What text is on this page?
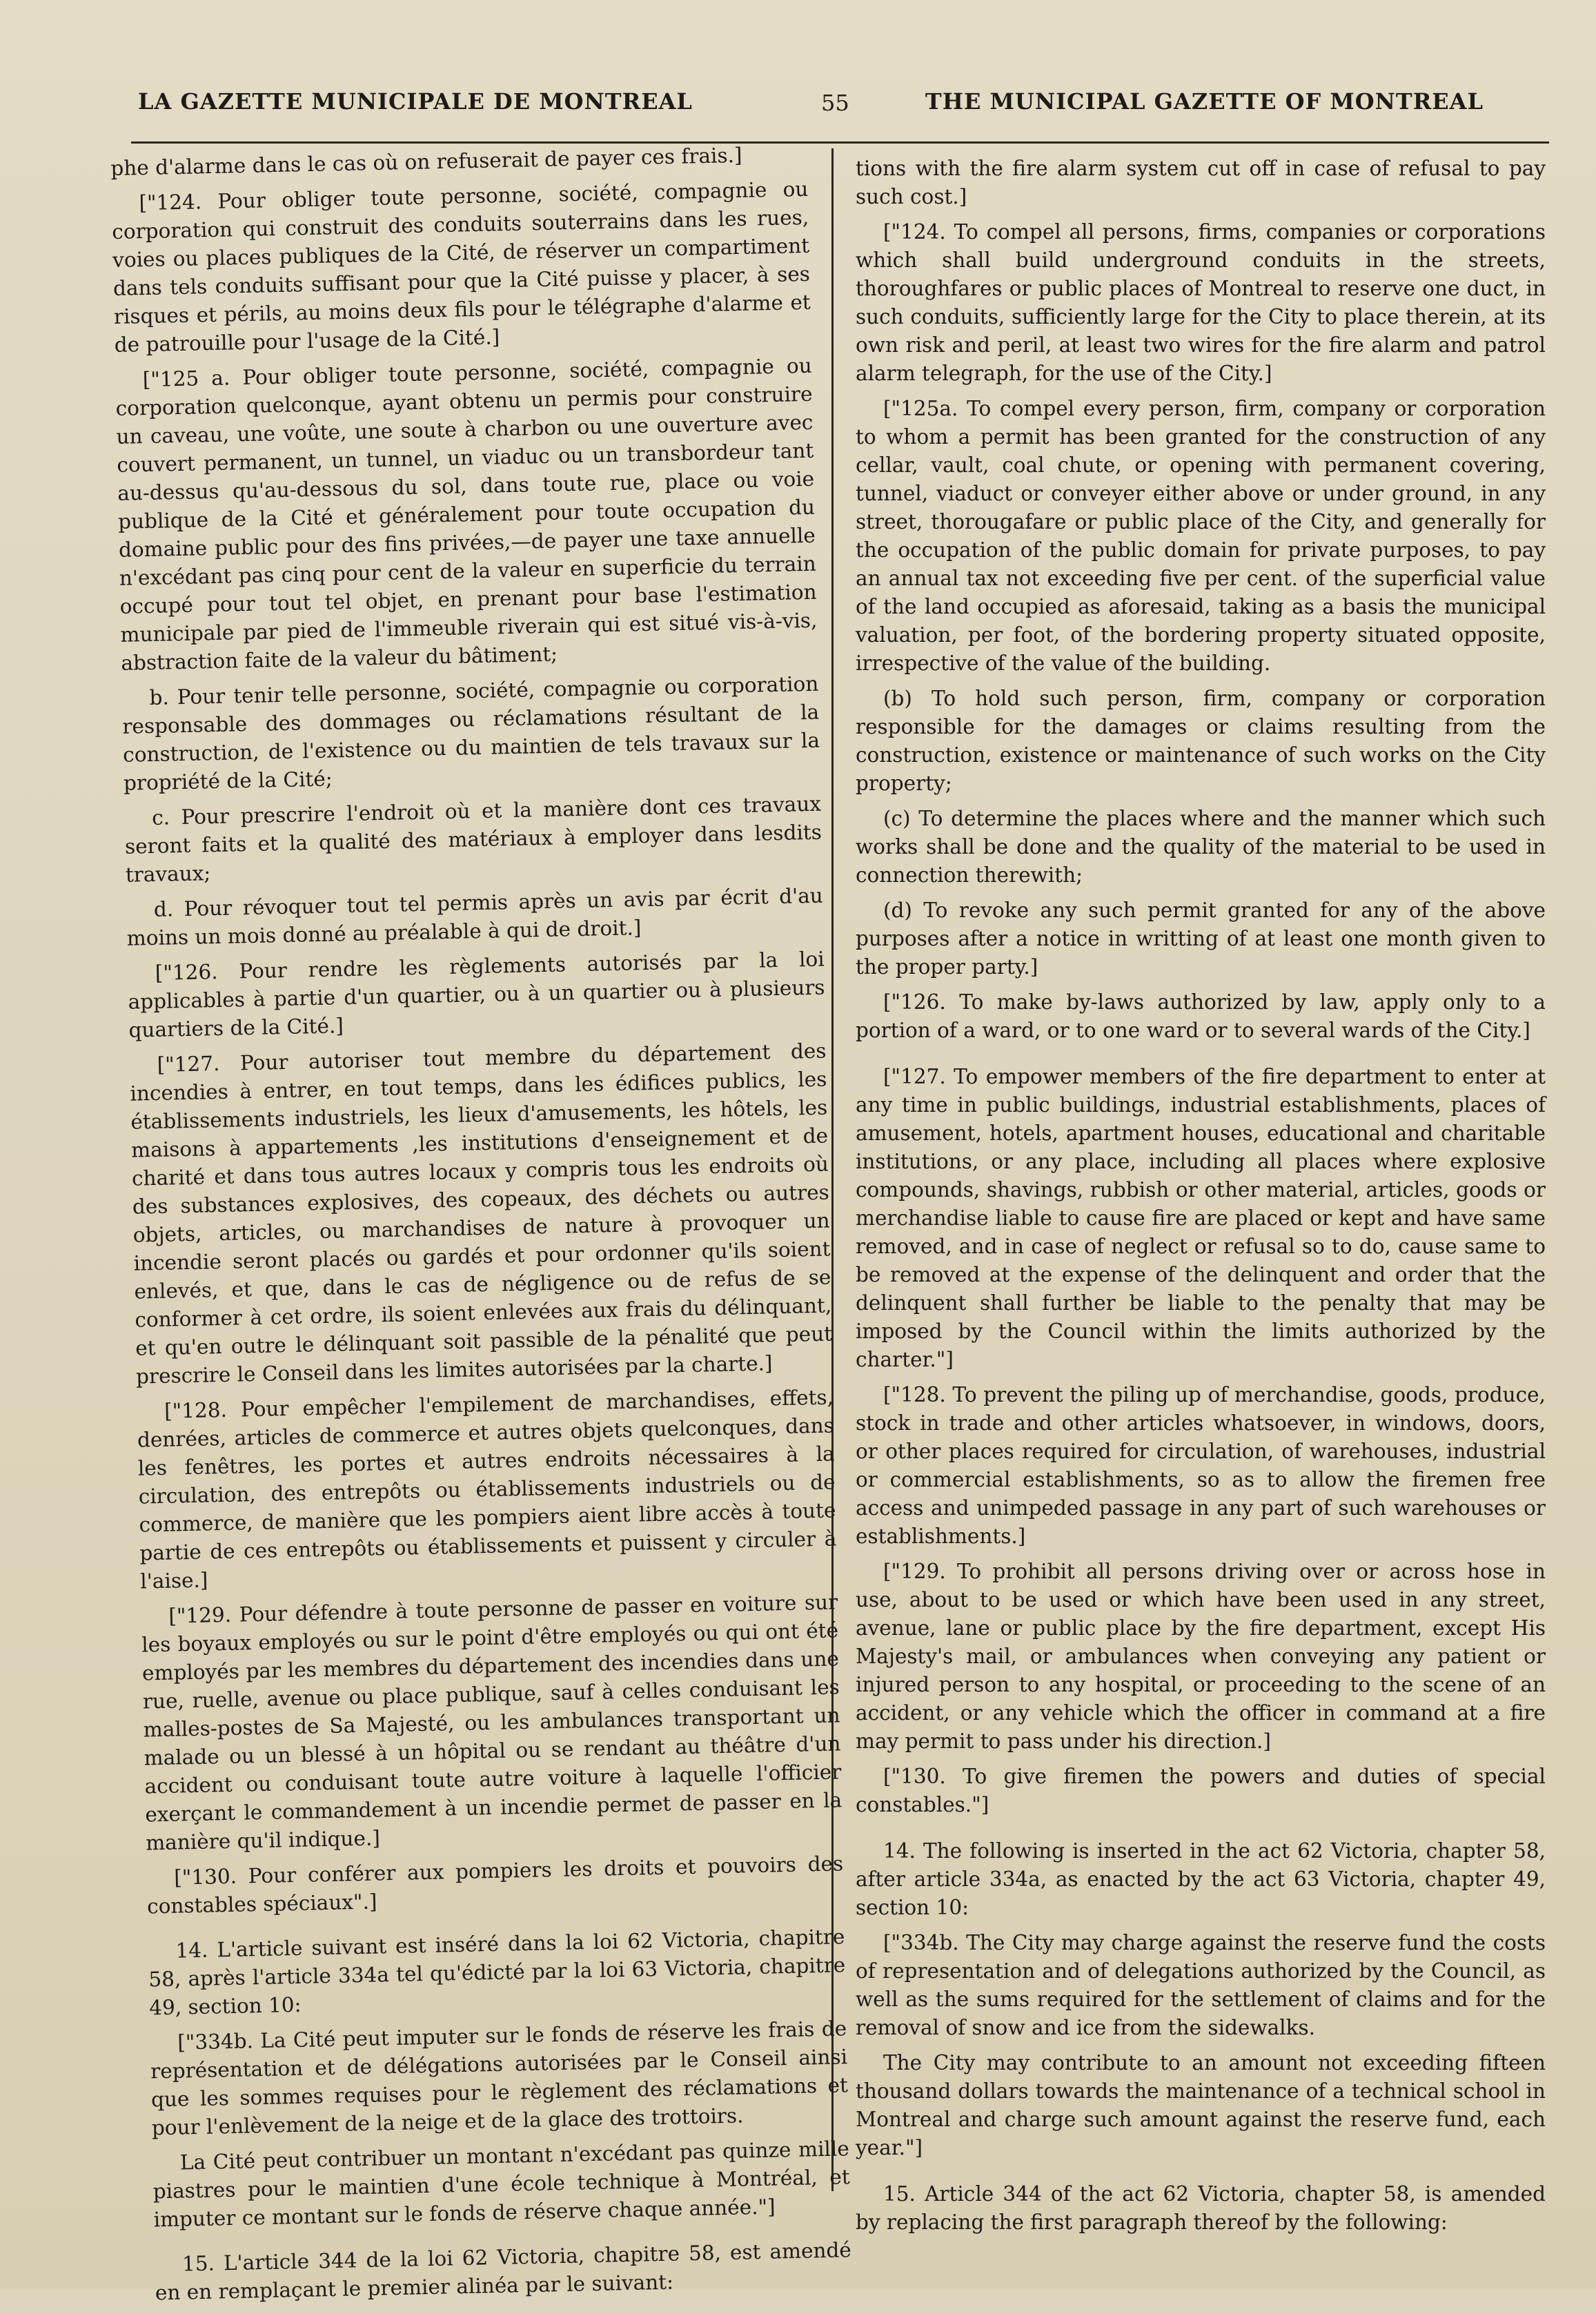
LA GAZETTE MUNICIPALE DE MONTREAL	55	THE MUNICIPAL GAZETTE OF MONTREAL

phe d'alarme dans le cas où on refuserait de payer ces frais.]

["124. Pour obliger toute personne, société, compagnie ou corporation qui construit des conduits souterrains dans les rues, voies ou places publiques de la Cité, de réserver un compartiment dans tels conduits suffisant pour que la Cité puisse y placer, à ses risques et périls, au moins deux fils pour le télégraphe d'alarme et de patrouille pour l'usage de la Cité.]

["125 a. Pour obliger toute personne, société, compagnie ou corporation quelconque, ayant obtenu un permis pour construire un caveau, une voûte, une soute à charbon ou une ouverture avec couvert permanent, un tunnel, un viaduc ou un transbordeur tant au-dessus qu'au-dessous du sol, dans toute rue, place ou voie publique de la Cité et généralement pour toute occupation du domaine public pour des fins privées,—de payer une taxe annuelle n'excédant pas cinq pour cent de la valeur en superficie du terrain occupé pour tout tel objet, en prenant pour base l'estimation municipale par pied de l'immeuble riverain qui est situé vis-à-vis, abstraction faite de la valeur du bâtiment;

b. Pour tenir telle personne, société, compagnie ou corporation responsable des dommages ou réclamations résultant de la construction, de l'existence ou du maintien de tels travaux sur la propriété de la Cité;

c. Pour prescrire l'endroit où et la manière dont ces travaux seront faits et la qualité des matériaux à employer dans lesdits travaux;

d. Pour révoquer tout tel permis après un avis par écrit d'au moins un mois donné au préalable à qui de droit.]

["126. Pour rendre les règlements autorisés par la loi applicables à partie d'un quartier, ou à un quartier ou à plusieurs quartiers de la Cité.]

["127. Pour autoriser tout membre du département des incendies à entrer, en tout temps, dans les édifices publics, les établissements industriels, les lieux d'amusements, les hôtels, les maisons à appartements ,les institutions d'enseignement et de charité et dans tous autres locaux y compris tous les endroits où des substances explosives, des copeaux, des déchets ou autres objets, articles, ou marchandises de nature à provoquer un incendie seront placés ou gardés et pour ordonner qu'ils soient enlevés, et que, dans le cas de négligence ou de refus de se conformer à cet ordre, ils soient enlevées aux frais du délinquant, et qu'en outre le délinquant soit passible de la pénalité que peut prescrire le Conseil dans les limites autorisées par la charte.]

["128. Pour empêcher l'empilement de marchandises, effets, denrées, articles de commerce et autres objets quelconques, dans les fenêtres, les portes et autres endroits nécessaires à la circulation, des entrepôts ou établissements industriels ou de commerce, de manière que les pompiers aient libre accès à toute partie de ces entrepôts ou établissements et puissent y circuler à l'aise.]

["129. Pour défendre à toute personne de passer en voiture sur les boyaux employés ou sur le point d'être employés ou qui ont été employés par les membres du département des incendies dans une rue, ruelle, avenue ou place publique, sauf à celles conduisant les malles-postes de Sa Majesté, ou les ambulances transportant un malade ou un blessé à un hôpital ou se rendant au théâtre d'un accident ou conduisant toute autre voiture à laquelle l'officier exerçant le commandement à un incendie permet de passer en la manière qu'il indique.]

["130. Pour conférer aux pompiers les droits et pouvoirs des constables spéciaux".]

14. L'article suivant est inséré dans la loi 62 Victoria, chapitre 58, après l'article 334a tel qu'édicté par la loi 63 Victoria, chapitre 49, section 10:

["334b. La Cité peut imputer sur le fonds de réserve les frais de représentation et de délégations autorisées par le Conseil ainsi que les sommes requises pour le règlement des réclamations et pour l'enlèvement de la neige et de la glace des trottoirs.

La Cité peut contribuer un montant n'excédant pas quinze mille piastres pour le maintien d'une école technique à Montréal, et imputer ce montant sur le fonds de réserve chaque année."]

15. L'article 344 de la loi 62 Victoria, chapitre 58, est amendé en en remplaçant le premier alinéa par le suivant:

tions with the fire alarm system cut off in case of refusal to pay such cost.]

["124. To compel all persons, firms, companies or corporations which shall build underground conduits in the streets, thoroughfares or public places of Montreal to reserve one duct, in such conduits, sufficiently large for the City to place therein, at its own risk and peril, at least two wires for the fire alarm and patrol alarm telegraph, for the use of the City.]

["125a. To compel every person, firm, company or corporation to whom a permit has been granted for the construction of any cellar, vault, coal chute, or opening with permanent covering, tunnel, viaduct or conveyer either above or under ground, in any street, thorougafare or public place of the City, and generally for the occupation of the public domain for private purposes, to pay an annual tax not exceeding five per cent. of the superficial value of the land occupied as aforesaid, taking as a basis the municipal valuation, per foot, of the bordering property situated opposite, irrespective of the value of the building.

(b) To hold such person, firm, company or corporation responsible for the damages or claims resulting from the construction, existence or maintenance of such works on the City property;

(c) To determine the places where and the manner which such works shall be done and the quality of the material to be used in connection therewith;

(d) To revoke any such permit granted for any of the above purposes after a notice in writting of at least one month given to the proper party.]

["126. To make by-laws authorized by law, apply only to a portion of a ward, or to one ward or to several wards of the City.]

["127. To empower members of the fire department to enter at any time in public buildings, industrial establishments, places of amusement, hotels, apartment houses, educational and charitable institutions, or any place, including all places where explosive compounds, shavings, rubbish or other material, articles, goods or merchandise liable to cause fire are placed or kept and have same removed, and in case of neglect or refusal so to do, cause same to be removed at the expense of the delinquent and order that the delinquent shall further be liable to the penalty that may be imposed by the Council within the limits authorized by the charter."]

["128. To prevent the piling up of merchandise, goods, produce, stock in trade and other articles whatsoever, in windows, doors, or other places required for circulation, of warehouses, industrial or commercial establishments, so as to allow the firemen free access and unimpeded passage in any part of such warehouses or establishments.]

["129. To prohibit all persons driving over or across hose in use, about to be used or which have been used in any street, avenue, lane or public place by the fire department, except His Majesty's mail, or ambulances when conveying any patient or injured person to any hospital, or proceeding to the scene of an accident, or any vehicle which the officer in command at a fire may permit to pass under his direction.]

["130. To give firemen the powers and duties of special constables."]

14. The following is inserted in the act 62 Victoria, chapter 58, after article 334a, as enacted by the act 63 Victoria, chapter 49, section 10:

["334b. The City may charge against the reserve fund the costs of representation and of delegations authorized by the Council, as well as the sums required for the settlement of claims and for the removal of snow and ice from the sidewalks.

The City may contribute to an amount not exceeding fifteen thousand dollars towards the maintenance of a technical school in Montreal and charge such amount against the reserve fund, each year."]

15. Article 344 of the act 62 Victoria, chapter 58, is amended by replacing the first paragraph thereof by the following:
